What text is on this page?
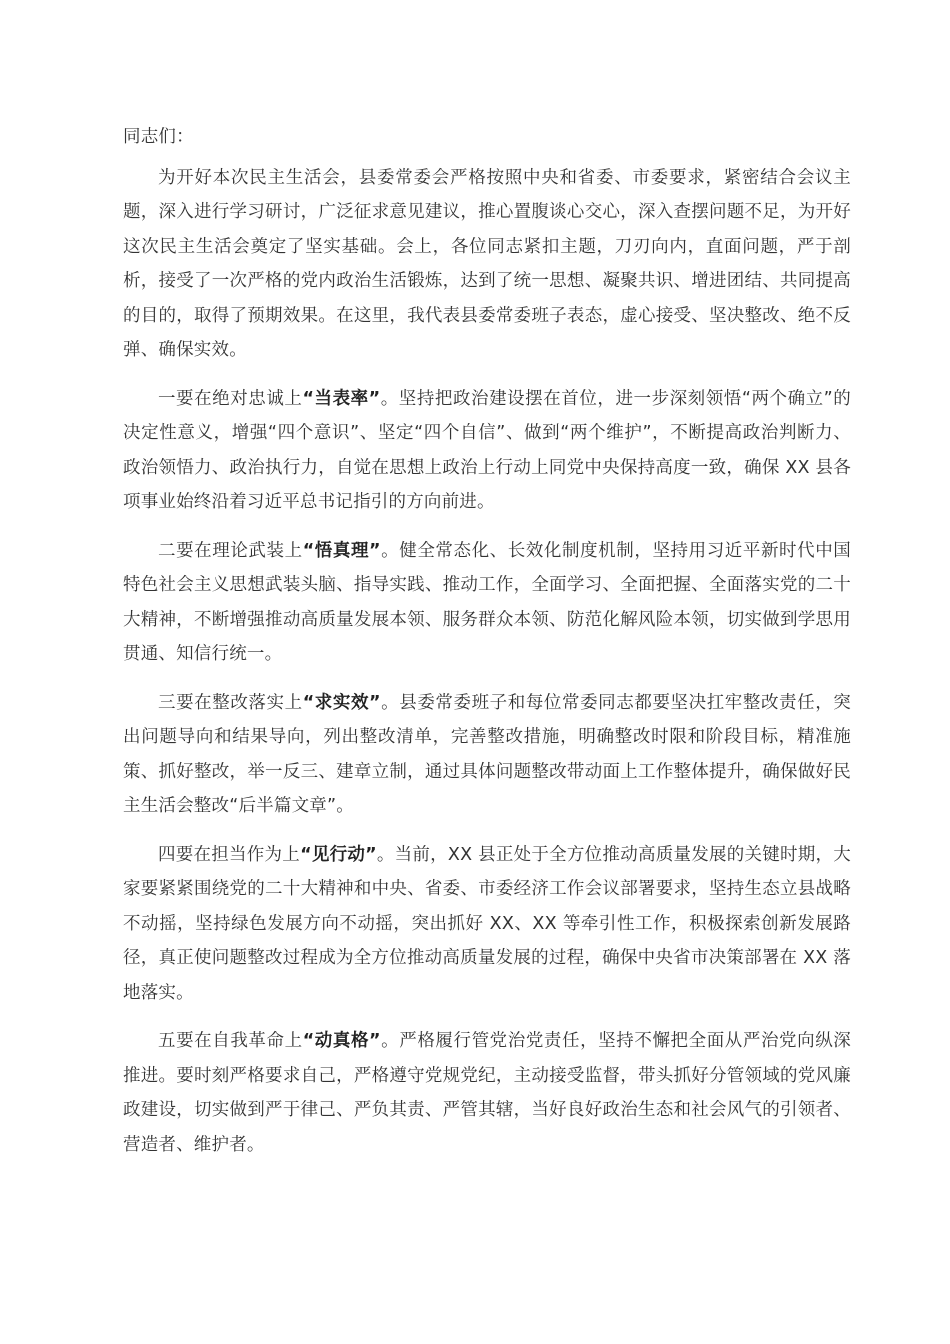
同志们：

为开好本次民主生活会，县委常委会严格按照中央和省委、市委要求，紧密结合会议主题，深入进行学习研讨，广泛征求意见建议，推心置腹谈心交心，深入查摆问题不足，为开好这次民主生活会奠定了坚实基础。会上，各位同志紧扣主题，刀刃向内，直面问题，严于剖析，接受了一次严格的党内政治生活锻炼，达到了统一思想、凝聚共识、增进团结、共同提高的目的，取得了预期效果。在这里，我代表县委常委班子表态，虚心接受、坚决整改、绝不反弹、确保实效。

一要在绝对忠诚上“当表率”。坚持把政治建设摆在首位，进一步深刻领悟“两个确立”的决定性意义，增强“四个意识”、坚定“四个自信”、做到“两个维护”，不断提高政治判断力、政治领悟力、政治执行力，自觉在思想上政治上行动上同党中央保持高度一致，确保 XX 县各项事业始终沿着习近平总书记指引的方向前进。

二要在理论武装上“悟真理”。健全常态化、长效化制度机制，坚持用习近平新时代中国特色社会主义思想武装头脑、指导实践、推动工作，全面学习、全面把握、全面落实党的二十大精神，不断增强推动高质量发展本领、服务群众本领、防范化解风险本领，切实做到学思用贯通、知信行统一。

三要在整改落实上“求实效”。县委常委班子和每位常委同志都要坚决扛牢整改责任，突出问题导向和结果导向，列出整改清单，完善整改措施，明确整改时限和阶段目标，精准施策、抓好整改，举一反三、建章立制，通过具体问题整改带动面上工作整体提升，确保做好民主生活会整改“后半篇文章”。

四要在担当作为上“见行动”。当前，XX 县正处于全方位推动高质量发展的关键时期，大家要紧紧围绕党的二十大精神和中央、省委、市委经济工作会议部署要求，坚持生态立县战略不动摇，坚持绿色发展方向不动摇，突出抓好 XX、XX 等牵引性工作，积极探索创新发展路径，真正使问题整改过程成为全方位推动高质量发展的过程，确保中央省市决策部署在 XX 落地落实。

五要在自我革命上“动真格”。严格履行管党治党责任，坚持不懈把全面从严治党向纵深推进。要时刻严格要求自己，严格遵守党规党纪，主动接受监督，带头抓好分管领域的党风廉政建设，切实做到严于律己、严负其责、严管其辖，当好良好政治生态和社会风气的引领者、营造者、维护者。
